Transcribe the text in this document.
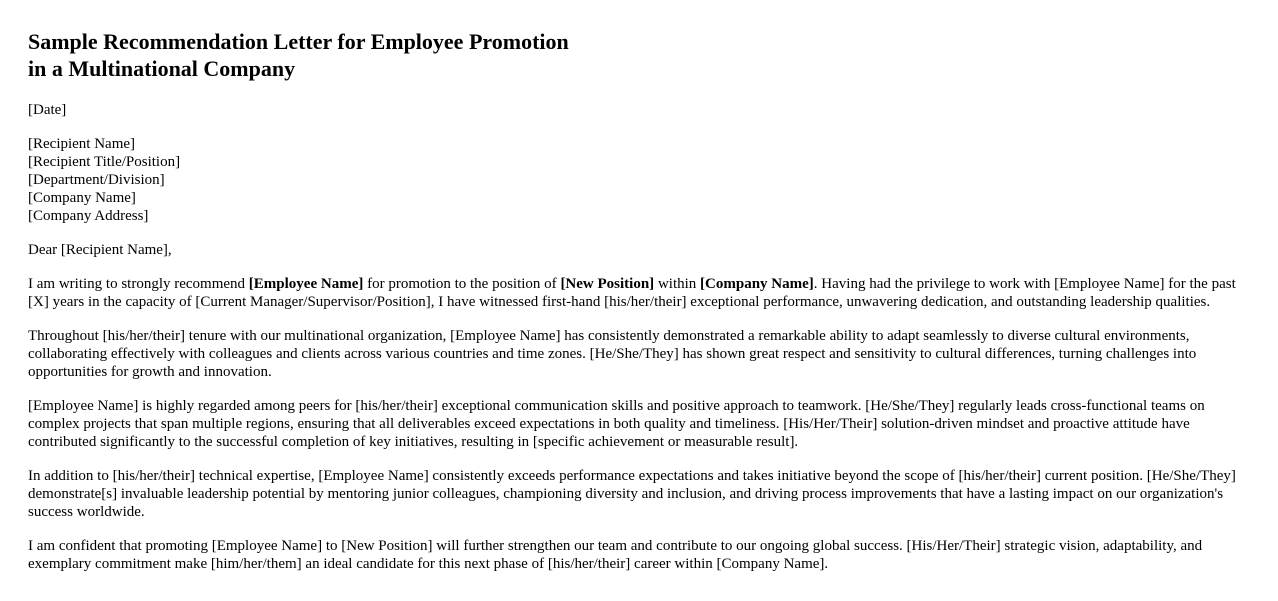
Sample Recommendation Letter for Employee Promotion
in a Multinational Company
[Date]
[Recipient Name]
[Recipient Title/Position]
[Department/Division]
[Company Name]
[Company Address]
Dear [Recipient Name],

I am writing to strongly recommend [Employee Name] for promotion to the position of [New Position] within [Company Name]. Having had the privilege to work with [Employee Name] for the past [X] years in the capacity of [Current Manager/Supervisor/Position], I have witnessed first-hand [his/her/their] exceptional performance, unwavering dedication, and outstanding leadership qualities.

Throughout [his/her/their] tenure with our multinational organization, [Employee Name] has consistently demonstrated a remarkable ability to adapt seamlessly to diverse cultural environments, collaborating effectively with colleagues and clients across various countries and time zones. [He/She/They] has shown great respect and sensitivity to cultural differences, turning challenges into opportunities for growth and innovation.

[Employee Name] is highly regarded among peers for [his/her/their] exceptional communication skills and positive approach to teamwork. [He/She/They] regularly leads cross-functional teams on complex projects that span multiple regions, ensuring that all deliverables exceed expectations in both quality and timeliness. [His/Her/Their] solution-driven mindset and proactive attitude have contributed significantly to the successful completion of key initiatives, resulting in [specific achievement or measurable result].

In addition to [his/her/their] technical expertise, [Employee Name] consistently exceeds performance expectations and takes initiative beyond the scope of [his/her/their] current position. [He/She/They] demonstrate[s] invaluable leadership potential by mentoring junior colleagues, championing diversity and inclusion, and driving process improvements that have a lasting impact on our organization's success worldwide.

I am confident that promoting [Employee Name] to [New Position] will further strengthen our team and contribute to our ongoing global success. [His/Her/Their] strategic vision, adaptability, and exemplary commitment make [him/her/them] an ideal candidate for this next phase of [his/her/their] career within [Company Name].
